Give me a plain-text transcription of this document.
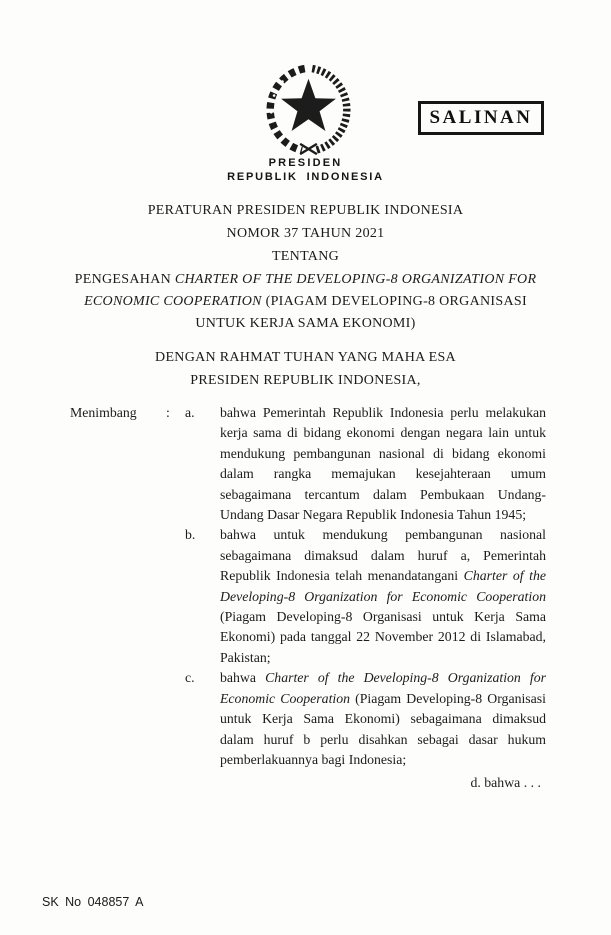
SALINAN
PRESIDEN
REPUBLIK INDONESIA
PERATURAN PRESIDEN REPUBLIK INDONESIA
NOMOR 37 TAHUN 2021
TENTANG
PENGESAHAN CHARTER OF THE DEVELOPING-8 ORGANIZATION FOR ECONOMIC COOPERATION (PIAGAM DEVELOPING-8 ORGANISASI UNTUK KERJA SAMA EKONOMI)
DENGAN RAHMAT TUHAN YANG MAHA ESA
PRESIDEN REPUBLIK INDONESIA,
Menimbang : a.	bahwa Pemerintah Republik Indonesia perlu melakukan kerja sama di bidang ekonomi dengan negara lain untuk mendukung pembangunan nasional di bidang ekonomi dalam rangka memajukan kesejahteraan umum sebagaimana tercantum dalam Pembukaan Undang-Undang Dasar Negara Republik Indonesia Tahun 1945;
b.	bahwa untuk mendukung pembangunan nasional sebagaimana dimaksud dalam huruf a, Pemerintah Republik Indonesia telah menandatangani Charter of the Developing-8 Organization for Economic Cooperation (Piagam Developing-8 Organisasi untuk Kerja Sama Ekonomi) pada tanggal 22 November 2012 di Islamabad, Pakistan;
c.	bahwa Charter of the Developing-8 Organization for Economic Cooperation (Piagam Developing-8 Organisasi untuk Kerja Sama Ekonomi) sebagaimana dimaksud dalam huruf b perlu disahkan sebagai dasar hukum pemberlakuannya bagi Indonesia;
d. bahwa . . .
SK No 048857 A
